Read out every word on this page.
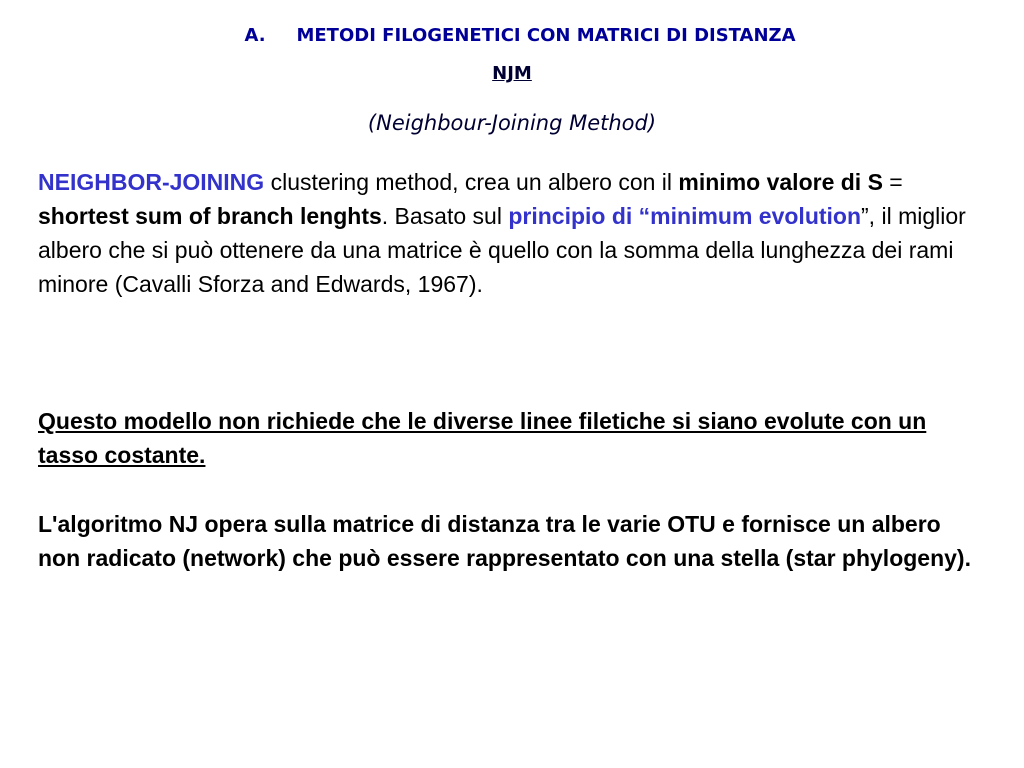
A. METODI FILOGENETICI CON MATRICI DI DISTANZA
NJM
(Neighbour-Joining Method)
NEIGHBOR-JOINING clustering method, crea un albero con il minimo valore di S = shortest sum of branch lenghts. Basato sul principio di “minimum evolution”, il miglior albero che si può ottenere da una matrice è quello con la somma della lunghezza dei rami minore (Cavalli Sforza and Edwards, 1967).
Questo modello non richiede che le diverse linee filetiche si siano evolute con un tasso costante.
L'algoritmo NJ opera sulla matrice di distanza tra le varie OTU e fornisce un albero non radicato (network) che può essere rappresentato con una stella (star phylogeny).
